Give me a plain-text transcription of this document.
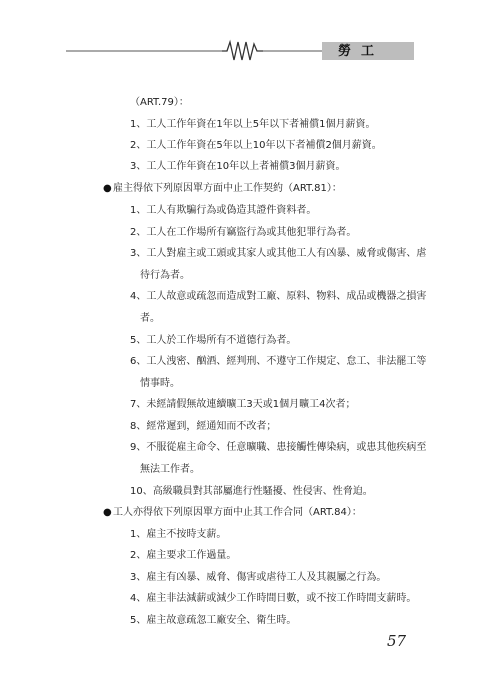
勞工
（ART.79）：
1、工人工作年資在1年以上5年以下者補償1個月薪資。
2、工人工作年資在5年以上10年以下者補償2個月薪資。
3、工人工作年資在10年以上者補償3個月薪資。
● 雇主得依下列原因單方面中止工作契約（ART.81）：
1、工人有欺騙行為或偽造其證件資料者。
2、工人在工作場所有竊盜行為或其他犯罪行為者。
3、工人對雇主或工頭或其家人或其他工人有凶暴、威脅或傷害、虐
待行為者。
4、工人故意或疏忽而造成對工廠、原料、物料、成品或機器之損害
者。
5、工人於工作場所有不道德行為者。
6、工人洩密、酗酒、經判刑、不遵守工作規定、怠工、非法罷工等
情事時。
7、未經請假無故連續曠工3天或1個月曠工4次者；
8、經常遲到，經通知而不改者；
9、不服從雇主命令、任意曠職、患接觸性傳染病，或患其他疾病至
無法工作者。
10、高級職員對其部屬進行性騷擾、性侵害、性脅迫。
● 工人亦得依下列原因單方面中止其工作合同（ART.84）：
1、雇主不按時支薪。
2、雇主要求工作過量。
3、雇主有凶暴、威脅、傷害或虐待工人及其親屬之行為。
4、雇主非法減薪或減少工作時間日數，或不按工作時間支薪時。
5、雇主故意疏忽工廠安全、衛生時。
57
